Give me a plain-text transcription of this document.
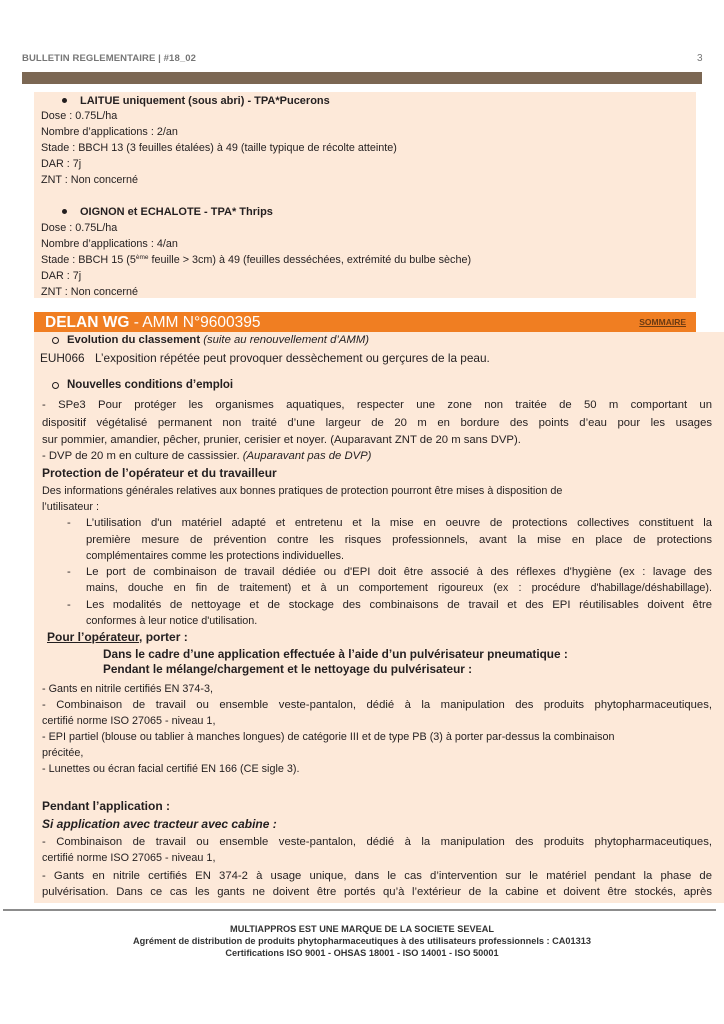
BULLETIN REGLEMENTAIRE | #18_02	3
LAITUE uniquement (sous abri) - TPA*Pucerons
Dose : 0.75L/ha
Nombre d’applications : 2/an
Stade : BBCH 13 (3 feuilles étalées) à 49 (taille typique de récolte atteinte)
DAR : 7j
ZNT : Non concerné
OIGNON et ECHALOTE - TPA* Thrips
Dose : 0.75L/ha
Nombre d’applications : 4/an
Stade : BBCH 15 (5ème feuille > 3cm) à 49 (feuilles desséchées, extrémité du bulbe sèche)
DAR : 7j
ZNT : Non concerné
DELAN WG - AMM N°9600395	SOMMAIRE
Evolution du classement (suite au renouvellement d’AMM)
EUH066 L’exposition répétée peut provoquer dessèchement ou gerçures de la peau.
Nouvelles conditions d’emploi
- SPe3 Pour protéger les organismes aquatiques, respecter une zone non traitée de 50 m comportant un
dispositif végétalisé permanent non traité d’une largeur de 20 m en bordure des points d’eau pour les usages
sur pommier, amandier, pêcher, prunier, cerisier et noyer. (Auparavant ZNT de 20 m sans DVP).
- DVP de 20 m en culture de cassissier. (Auparavant pas de DVP)
Protection de l’opérateur et du travailleur
Des informations générales relatives aux bonnes pratiques de protection pourront être mises à disposition de
l’utilisateur :
- L’utilisation d'un matériel adapté et entretenu et la mise en oeuvre de protections collectives constituent la
première mesure de prévention contre les risques professionnels, avant la mise en place de protections
complémentaires comme les protections individuelles.
- Le port de combinaison de travail dédiée ou d'EPI doit être associé à des réflexes d'hygiène (ex : lavage des
mains, douche en fin de traitement) et à un comportement rigoureux (ex : procédure d'habillage/déshabillage).
- Les modalités de nettoyage et de stockage des combinaisons de travail et des EPI réutilisables doivent être
conformes à leur notice d'utilisation.
Pour l’opérateur, porter :
Dans le cadre d’une application effectuée à l’aide d’un pulvérisateur pneumatique :
Pendant le mélange/chargement et le nettoyage du pulvérisateur :
- Gants en nitrile certifiés EN 374-3,
- Combinaison de travail ou ensemble veste-pantalon, dédié à la manipulation des produits phytopharmaceutiques,
certifié norme ISO 27065 - niveau 1,
- EPI partiel (blouse ou tablier à manches longues) de catégorie III et de type PB (3) à porter par-dessus la combinaison
précitée,
- Lunettes ou écran facial certifié EN 166 (CE sigle 3).
Pendant l’application :
Si application avec tracteur avec cabine :
- Combinaison de travail ou ensemble veste-pantalon, dédié à la manipulation des produits phytopharmaceutiques,
certifié norme ISO 27065 - niveau 1,
- Gants en nitrile certifiés EN 374-2 à usage unique, dans le cas d’intervention sur le matériel pendant la phase de
pulvérisation. Dans ce cas les gants ne doivent être portés qu’à l’extérieur de la cabine et doivent être stockés, après
MULTIAPPROS EST UNE MARQUE DE LA SOCIETE SEVEAL
Agrément de distribution de produits phytopharmaceutiques à des utilisateurs professionnels : CA01313
Certifications ISO 9001 - OHSAS 18001 - ISO 14001 - ISO 50001
